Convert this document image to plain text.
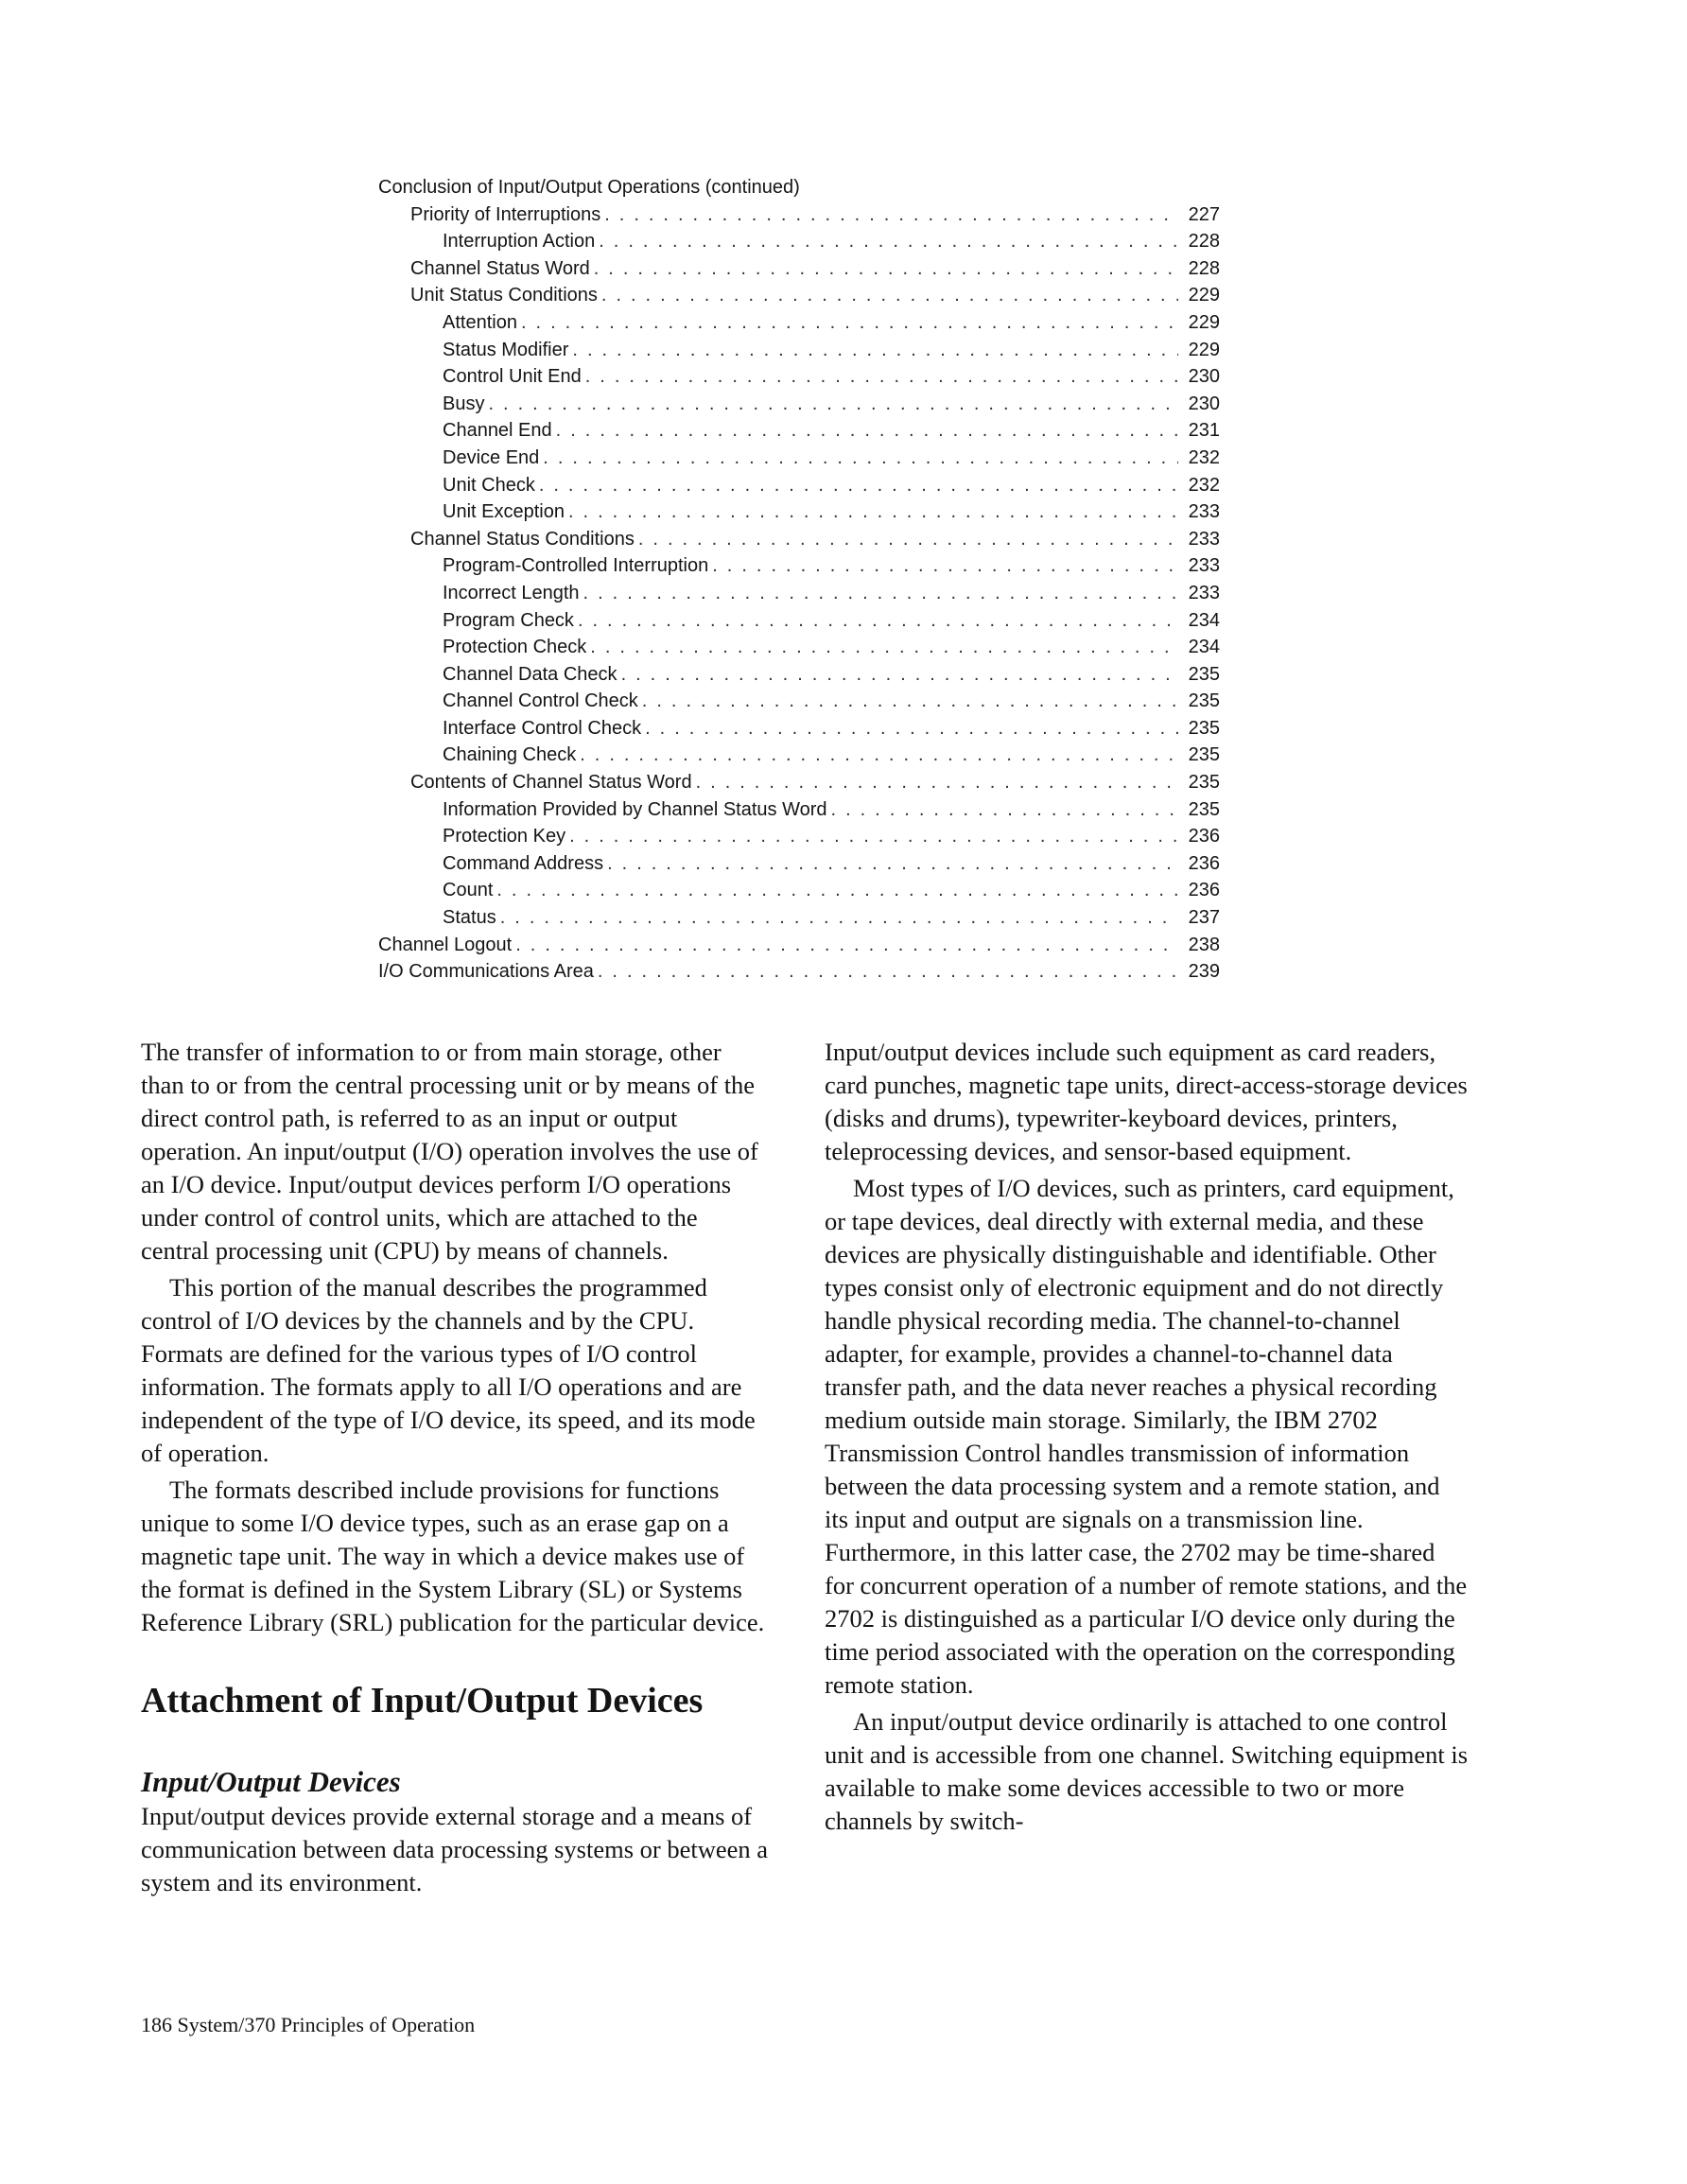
Conclusion of Input/Output Operations (continued)
Priority of Interruptions .....	227
Interruption Action .....	228
Channel Status Word .....	228
Unit Status Conditions .....	229
Attention .....	229
Status Modifier .....	229
Control Unit End .....	230
Busy .....	230
Channel End .....	231
Device End .....	232
Unit Check .....	232
Unit Exception .....	233
Channel Status Conditions .....	233
Program-Controlled Interruption .....	233
Incorrect Length .....	233
Program Check .....	234
Protection Check .....	234
Channel Data Check .....	235
Channel Control Check .....	235
Interface Control Check .....	235
Chaining Check .....	235
Contents of Channel Status Word .....	235
Information Provided by Channel Status Word .....	235
Protection Key .....	236
Command Address .....	236
Count .....	236
Status .....	237
Channel Logout .....	238
I/O Communications Area .....	239

The transfer of information to or from main storage, other than to or from the central processing unit or by means of the direct control path, is referred to as an input or output operation. An input/output (I/O) operation involves the use of an I/O device. Input/output devices perform I/O operations under control of control units, which are attached to the central processing unit (CPU) by means of channels.

This portion of the manual describes the programmed control of I/O devices by the channels and by the CPU. Formats are defined for the various types of I/O control information. The formats apply to all I/O operations and are independent of the type of I/O device, its speed, and its mode of operation.

The formats described include provisions for functions unique to some I/O device types, such as an erase gap on a magnetic tape unit. The way in which a device makes use of the format is defined in the System Library (SL) or Systems Reference Library (SRL) publication for the particular device.

Attachment of Input/Output Devices
Input/Output Devices

Input/output devices provide external storage and a means of communication between data processing systems or between a system and its environment.

Input/output devices include such equipment as card readers, card punches, magnetic tape units, direct-access-storage devices (disks and drums), typewriter-keyboard devices, printers, teleprocessing devices, and sensor-based equipment.

Most types of I/O devices, such as printers, card equipment, or tape devices, deal directly with external media, and these devices are physically distinguishable and identifiable. Other types consist only of electronic equipment and do not directly handle physical recording media. The channel-to-channel adapter, for example, provides a channel-to-channel data transfer path, and the data never reaches a physical recording medium outside main storage. Similarly, the IBM 2702 Transmission Control handles transmission of information between the data processing system and a remote station, and its input and output are signals on a transmission line. Furthermore, in this latter case, the 2702 may be time-shared for concurrent operation of a number of remote stations, and the 2702 is distinguished as a particular I/O device only during the time period associated with the operation on the corresponding remote station.

An input/output device ordinarily is attached to one control unit and is accessible from one channel. Switching equipment is available to make some devices accessible to two or more channels by switch-

186 System/370 Principles of Operation
